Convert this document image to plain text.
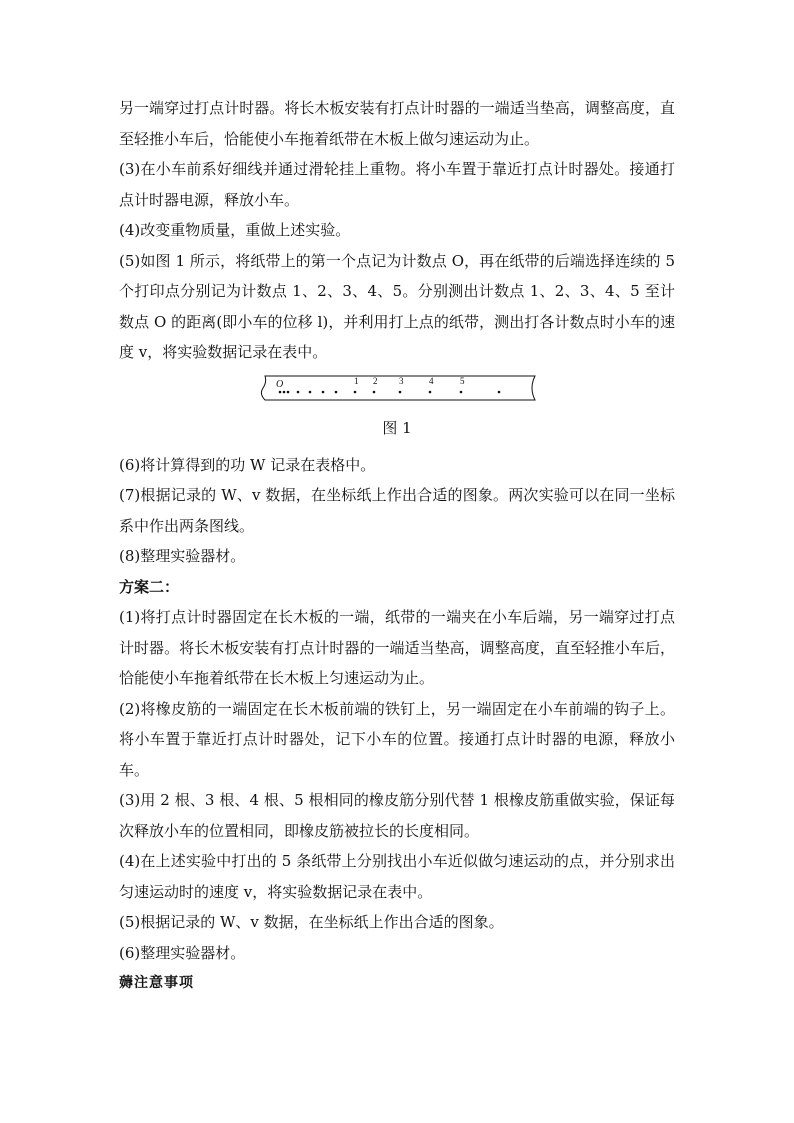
另一端穿过打点计时器。将长木板安装有打点计时器的一端适当垫高，调整高度，直至轻推小车后，恰能使小车拖着纸带在木板上做匀速运动为止。

(3)在小车前系好细线并通过滑轮挂上重物。将小车置于靠近打点计时器处。接通打点计时器电源，释放小车。

(4)改变重物质量，重做上述实验。

(5)如图 1 所示，将纸带上的第一个点记为计数点 O，再在纸带的后端选择连续的 5 个打印点分别记为计数点 1、2、3、4、5。分别测出计数点 1、2、3、4、5 至计数点 O 的距离(即小车的位移 l)，并利用打上点的纸带，测出打各计数点时小车的速度 v，将实验数据记录在表中。

O	1 2 3	4	5

图 1

(6)将计算得到的功 W 记录在表格中。

(7)根据记录的 W、v 数据，在坐标纸上作出合适的图象。两次实验可以在同一坐标系中作出两条图线。

(8)整理实验器材。

方案二：

(1)将打点计时器固定在长木板的一端，纸带的一端夹在小车后端，另一端穿过打点计时器。将长木板安装有打点计时器的一端适当垫高，调整高度，直至轻推小车后，恰能使小车拖着纸带在长木板上匀速运动为止。

(2)将橡皮筋的一端固定在长木板前端的铁钉上，另一端固定在小车前端的钩子上。将小车置于靠近打点计时器处，记下小车的位置。接通打点计时器的电源，释放小车。

(3)用 2 根、3 根、4 根、5 根相同的橡皮筋分别代替 1 根橡皮筋重做实验，保证每次释放小车的位置相同，即橡皮筋被拉长的长度相同。

(4)在上述实验中打出的 5 条纸带上分别找出小车近似做匀速运动的点，并分别求出匀速运动时的速度 v，将实验数据记录在表中。

(5)根据记录的 W、v 数据，在坐标纸上作出合适的图象。

(6)整理实验器材。

薅注意事项
